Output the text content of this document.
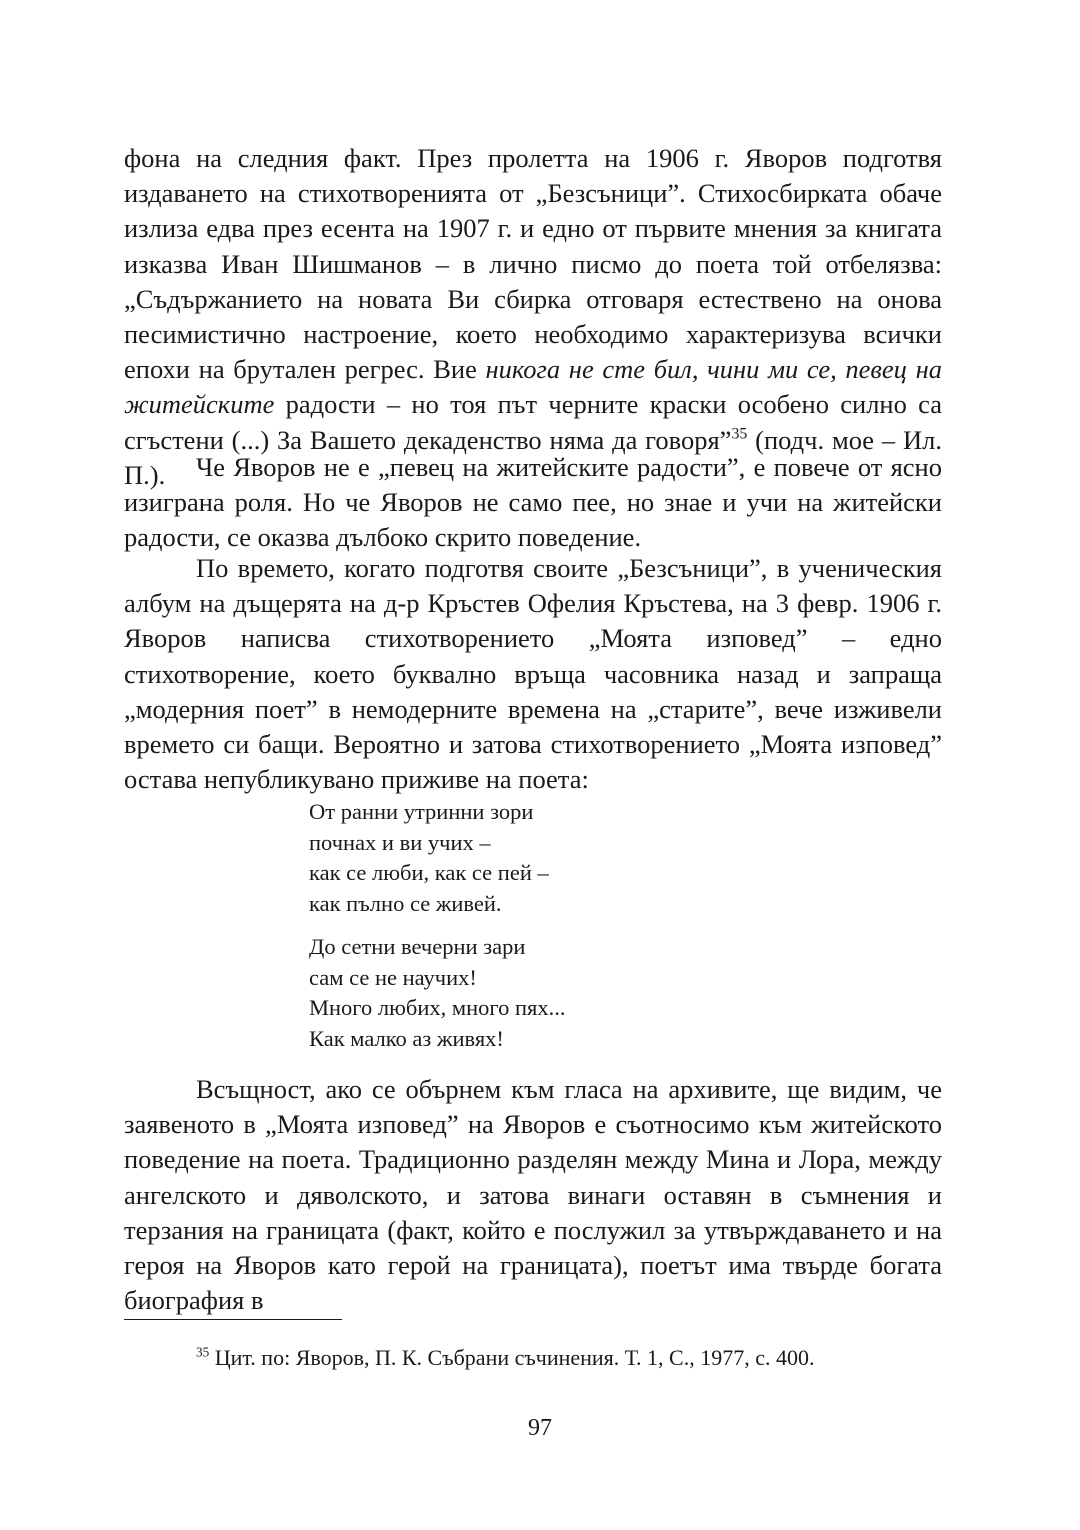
фона на следния факт. През пролетта на 1906 г. Яворов подготвя издаването на стихотворенията от „Безсъници”. Стихосбирката обаче излиза едва през есента на 1907 г. и едно от първите мнения за книгата изказва Иван Шишманов – в лично писмо до поета той отбелязва: „Съдържанието на новата Ви сбирка отговаря естествено на онова песимистично настроение, което необходимо характеризува всички епохи на брутален регрес. Вие никога не сте бил, чини ми се, певец на житейските радости – но тоя път черните краски особено силно са сгъстени (...) За Вашето декаденство няма да говоря”$^{35}$ (подч. мое – Ил. П.).	Че Яворов не е „певец на житейските радости”, е повече от ясно изиграна роля. Но че Яворов не само пее, но знае и учи на житейски радости, се оказва дълбоко скрито поведение.

По времето, когато подготвя своите „Безсъници”, в ученическия албум на дъщерята на д-р Кръстев Офелия Кръстева, на 3 февр. 1906 г. Яворов написва стихотворението „Моята изповед” – едно стихотворение, което буквално връща часовника назад и запраща „модерния поет” в немодерните времена на „старите”, вече изживели времето си бащи. Вероятно и затова стихотворението „Моята изповед” остава непубликувано приживе на поета:

От ранни утринни зори
почнах и ви учих –
как се люби, как се пей –
как пълно се живей.
До сетни вечерни зари
сам се не научих!
Много любих, много пях...
Как малко аз живях!

Всъщност, ако се обърнем към гласа на архивите, ще видим, че заявеното в „Моята изповед” на Яворов е съотносимо към житейското поведение на поета. Традиционно разделян между Мина и Лора, между ангелското и дяволското, и затова винаги оставян в съмнения и терзания на границата (факт, който е послужил за утвърждаването и на героя на Яворов като герой на границата), поетът има твърде богата биография в

$^{35}$ Цит. по: Яворов, П. К. Събрани съчинения. Т. 1, С., 1977, с. 400.
97
